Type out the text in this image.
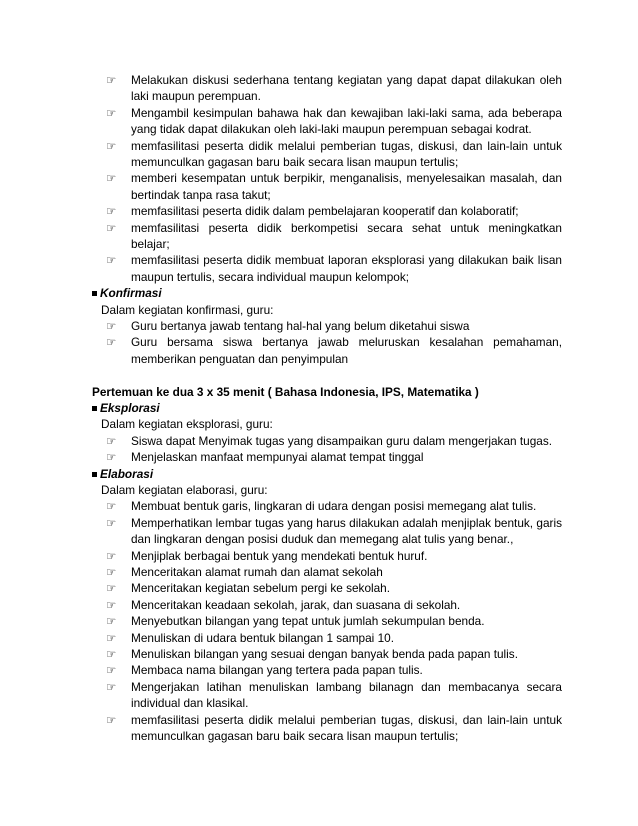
☞ Melakukan diskusi sederhana tentang kegiatan yang dapat dapat dilakukan oleh
laki maupun perempuan.
☞ Mengambil kesimpulan bahawa hak dan kewajiban laki-laki sama, ada beberapa
yang tidak dapat dilakukan oleh laki-laki maupun perempuan sebagai kodrat.
☞ memfasilitasi peserta didik melalui pemberian tugas, diskusi, dan lain-lain untuk
memunculkan gagasan baru baik secara lisan maupun tertulis;
☞ memberi kesempatan untuk berpikir, menganalisis, menyelesaikan masalah, dan
bertindak tanpa rasa takut;
☞ memfasilitasi peserta didik dalam pembelajaran kooperatif dan kolaboratif;
☞ memfasilitasi peserta didik berkompetisi secara sehat untuk meningkatkan
belajar;
☞ memfasilitasi peserta didik membuat laporan eksplorasi yang dilakukan baik lisan
maupun tertulis, secara individual maupun kelompok;
Konfirmasi
Dalam kegiatan konfirmasi, guru:
☞ Guru bertanya jawab tentang hal-hal yang belum diketahui siswa
☞ Guru bersama siswa bertanya jawab meluruskan kesalahan pemahaman,
memberikan penguatan dan penyimpulan
Pertemuan ke dua 3 x 35 menit ( Bahasa Indonesia, IPS, Matematika )
Eksplorasi
Dalam kegiatan eksplorasi, guru:
☞ Siswa dapat Menyimak tugas yang disampaikan guru dalam mengerjakan tugas.
☞ Menjelaskan manfaat mempunyai alamat tempat tinggal
Elaborasi
Dalam kegiatan elaborasi, guru:
☞ Membuat bentuk garis, lingkaran di udara dengan posisi memegang alat tulis.
☞ Memperhatikan lembar tugas yang harus dilakukan adalah menjiplak bentuk, garis
dan lingkaran dengan posisi duduk dan memegang alat tulis yang benar.,
☞ Menjiplak berbagai bentuk yang mendekati bentuk huruf.
☞ Menceritakan alamat rumah dan alamat sekolah
☞ Menceritakan kegiatan sebelum pergi ke sekolah.
☞ Menceritakan keadaan sekolah, jarak, dan suasana di sekolah.
☞ Menyebutkan bilangan yang tepat untuk jumlah sekumpulan benda.
☞ Menuliskan di udara bentuk bilangan 1 sampai 10.
☞ Menuliskan bilangan yang sesuai dengan banyak benda pada papan tulis.
☞ Membaca nama bilangan yang tertera pada papan tulis.
☞ Mengerjakan latihan menuliskan lambang bilanagn dan membacanya secara
individual dan klasikal.
☞ memfasilitasi peserta didik melalui pemberian tugas, diskusi, dan lain-lain untuk
memunculkan gagasan baru baik secara lisan maupun tertulis;
